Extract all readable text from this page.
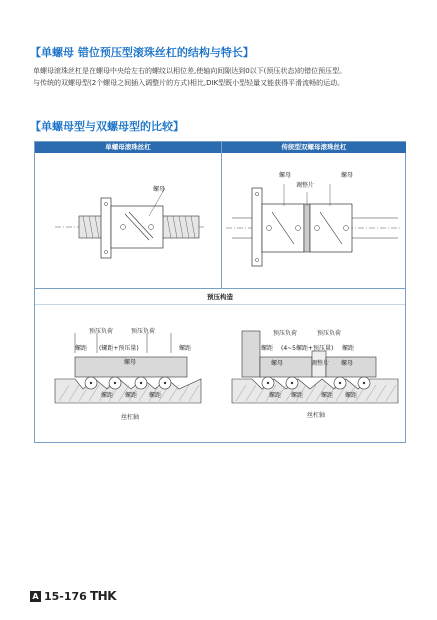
【单螺母 错位预压型滚珠丝杠的结构与特长】
单螺母滚珠丝杠是在螺母中央给左右的螺纹以相位差,使轴向间隙达到0以下(预压状态)的错位预压型。
与传统的双螺母型(2个螺母之间插入调整片的方式)相比,DIK型既小型轻量又能获得平滑流畅的运动。
【单螺母型与双螺母型的比较】
单螺母滚珠丝杠	传统型双螺母滚珠丝杠
预压构造
螺母
螺母	螺母
调整片
预压负荷	预压负荷
螺距 (螺距+预压量)	螺距
螺母
螺距 螺距 螺距
丝杠轴
预压负荷	预压负荷
螺距 (4~5螺距+预压量) 螺距
螺母	调整片 螺母
螺距 螺距	螺距 螺距
丝杠轴
A 15-176 THK
